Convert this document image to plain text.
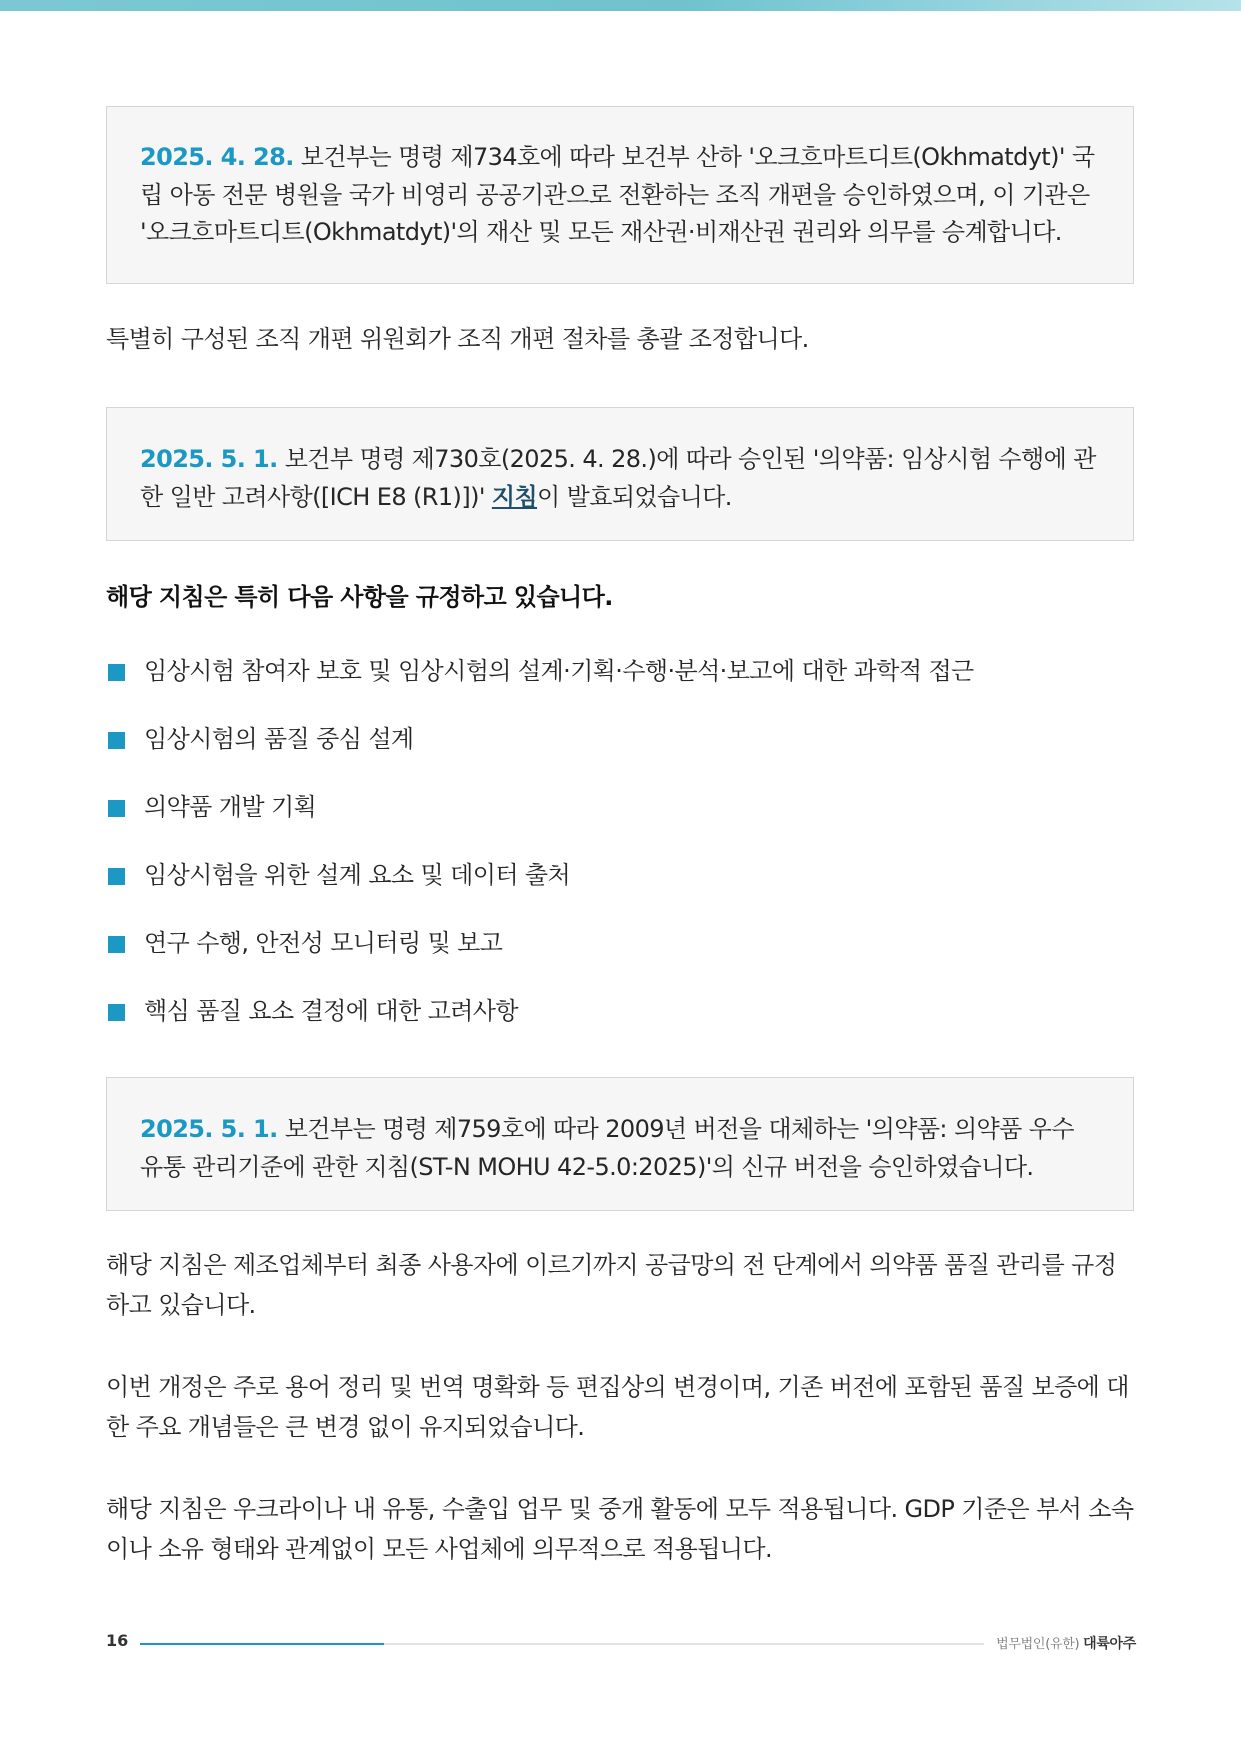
2025. 4. 28. 보건부는 명령 제734호에 따라 보건부 산하 '오크흐마트디트(Okhmatdyt)' 국립 아동 전문 병원을 국가 비영리 공공기관으로 전환하는 조직 개편을 승인하였으며, 이 기관은 '오크흐마트디트(Okhmatdyt)'의 재산 및 모든 재산권·비재산권 권리와 의무를 승계합니다.

특별히 구성된 조직 개편 위원회가 조직 개편 절차를 총괄 조정합니다.

2025. 5. 1. 보건부 명령 제730호(2025. 4. 28.)에 따라 승인된 '의약품: 임상시험 수행에 관한 일반 고려사항([ICH E8 (R1)])' 지침이 발효되었습니다.

해당 지침은 특히 다음 사항을 규정하고 있습니다.

임상시험 참여자 보호 및 임상시험의 설계·기획·수행·분석·보고에 대한 과학적 접근
임상시험의 품질 중심 설계
의약품 개발 기획
임상시험을 위한 설계 요소 및 데이터 출처
연구 수행, 안전성 모니터링 및 보고
핵심 품질 요소 결정에 대한 고려사항
2025. 5. 1. 보건부는 명령 제759호에 따라 2009년 버전을 대체하는 '의약품: 의약품 우수 유통 관리기준에 관한 지침(ST-N MOHU 42-5.0:2025)'의 신규 버전을 승인하였습니다.

해당 지침은 제조업체부터 최종 사용자에 이르기까지 공급망의 전 단계에서 의약품 품질 관리를 규정하고 있습니다.

이번 개정은 주로 용어 정리 및 번역 명확화 등 편집상의 변경이며, 기존 버전에 포함된 품질 보증에 대한 주요 개념들은 큰 변경 없이 유지되었습니다.

해당 지침은 우크라이나 내 유통, 수출입 업무 및 중개 활동에 모두 적용됩니다. GDP 기준은 부서 소속이나 소유 형태와 관계없이 모든 사업체에 의무적으로 적용됩니다.

16	법무법인(유한) 대륙아주
